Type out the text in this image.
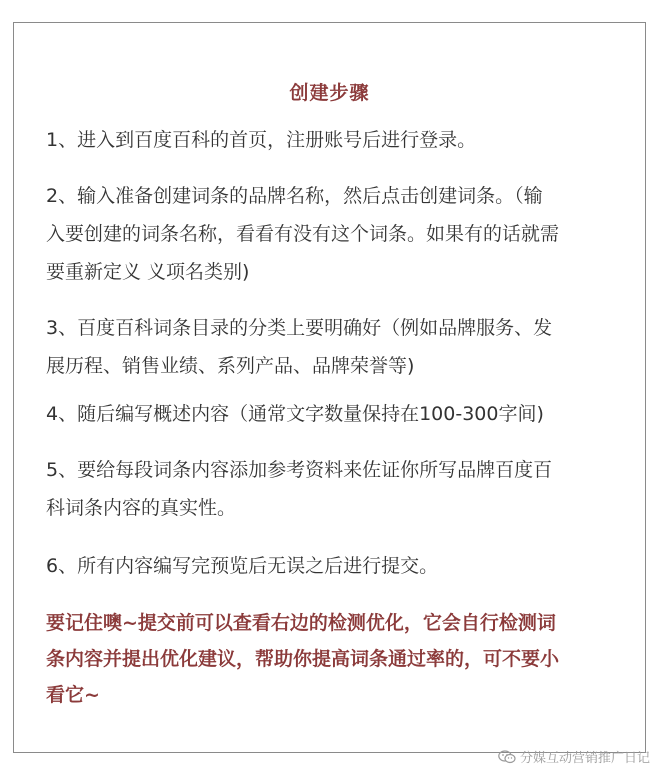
创建步骤
1、进入到百度百科的首页，注册账号后进行登录。
2、输入准备创建词条的品牌名称，然后点击创建词条。（输
入要创建的词条名称，看看有没有这个词条。如果有的话就需
要重新定义 义项名类别)
3、百度百科词条目录的分类上要明确好（例如品牌服务、发
展历程、销售业绩、系列产品、品牌荣誉等)
4、随后编写概述内容（通常文字数量保持在100-300字间)
5、要给每段词条内容添加参考资料来佐证你所写品牌百度百
科词条内容的真实性。
6、所有内容编写完预览后无误之后进行提交。
要记住噢~提交前可以查看右边的检测优化，它会自行检测词
条内容并提出优化建议，帮助你提高词条通过率的，可不要小
看它~
分媒互动营销推广日记
